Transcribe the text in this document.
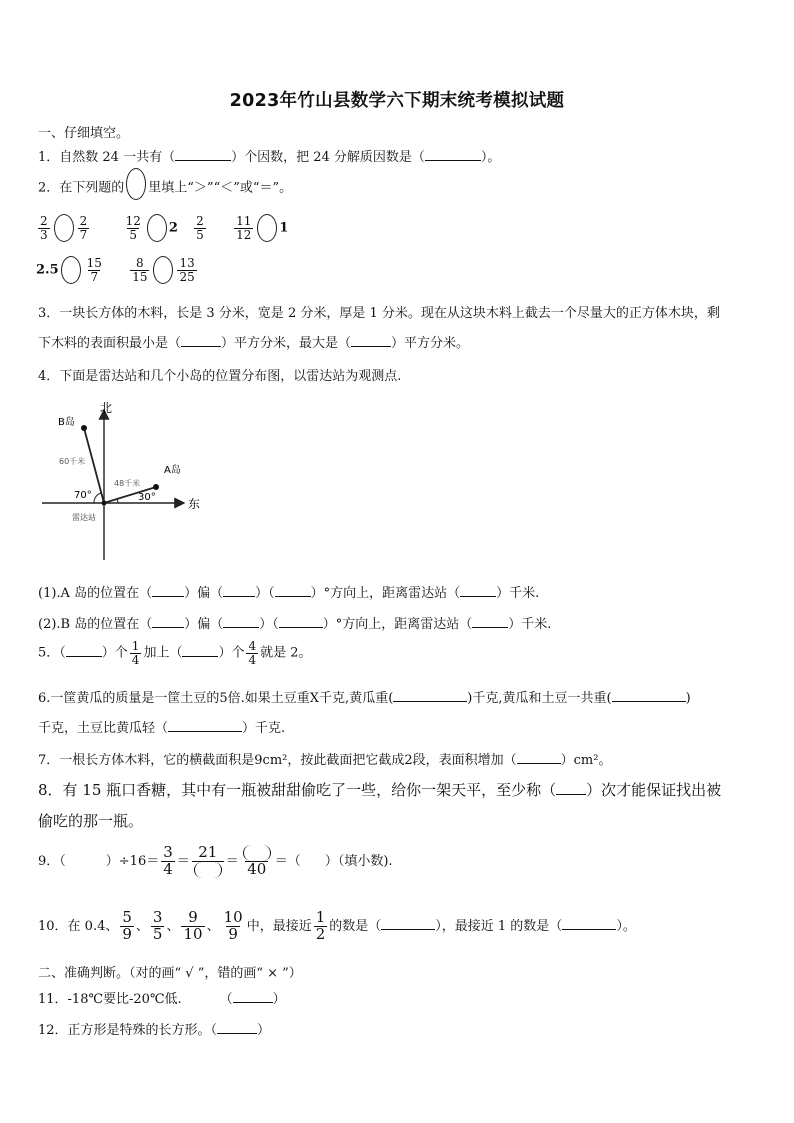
2023年竹山县数学六下期末统考模拟试题
一、仔细填空。
1．自然数 24 一共有（	）个因数，把 24 分解质因数是（	）。
2．在下列题的 里填上“＞”“＜”或“＝”。
$\frac{2}{3} \frac{2}{7}$
	$\frac{12}{5} 2 \frac{2}{5}$
$\frac{11}{12} 1$
$2.5 \frac{15}{7}$
$\frac{8}{15} \frac{13}{25}$
3．一块长方体的木料，长是 3 分米，宽是 2 分米，厚是 1 分米。现在从这块木料上截去一个尽量大的正方体木块，剩
下木料的表面积最小是（	）平方分米，最大是（	）平方分米。
4．下面是雷达站和几个小岛的位置分布图，以雷达站为观测点.
北
东
B岛
60千米
A岛
48千米
70°	30°
雷达站
(1).A 岛的位置在（ ）偏（ ）（	）°方向上，距离雷达站（	）千米.
(2).B 岛的位置在（ ）偏（	）（	）°方向上，距离雷达站（	）千米.
5．（	）个 $\frac{1}{4}$ 加上（	）个 $\frac{4}{4}$ 就是 2。
6.一筐黄瓜的质量是一筐土豆的5倍.如果土豆重X千克,黄瓜重(	)千克,黄瓜和土豆一共重(	)
千克，土豆比黄瓜轻（	）千克.
7．一根长方体木料，它的横截面积是9cm²，按此截面把它截成2段，表面积增加（	）cm²。
8．有 15 瓶口香糖，其中有一瓶被甜甜偷吃了一些，给你一架天平，至少称（ ）次才能保证找出被
偷吃的那一瓶。
9．（	）$\div 16= \frac{3}{4}$ ＝
21
＝ 40 ＝（ ）（填小数).
10．在 0.4、 $\frac{5}{9}$ 、 $\frac{3}{5}$ 、 $\frac{9}{10}$ 、 $\frac{10}{9}$ 中，最接近 $\frac{1}{2}$ 的数是（	），最接近 1 的数是（	）。
二、准确判断。（对的画“ √ ”，错的画“ × ”）
11．-18℃要比-20℃低.	（	）
12．正方形是特殊的长方形。（	）
